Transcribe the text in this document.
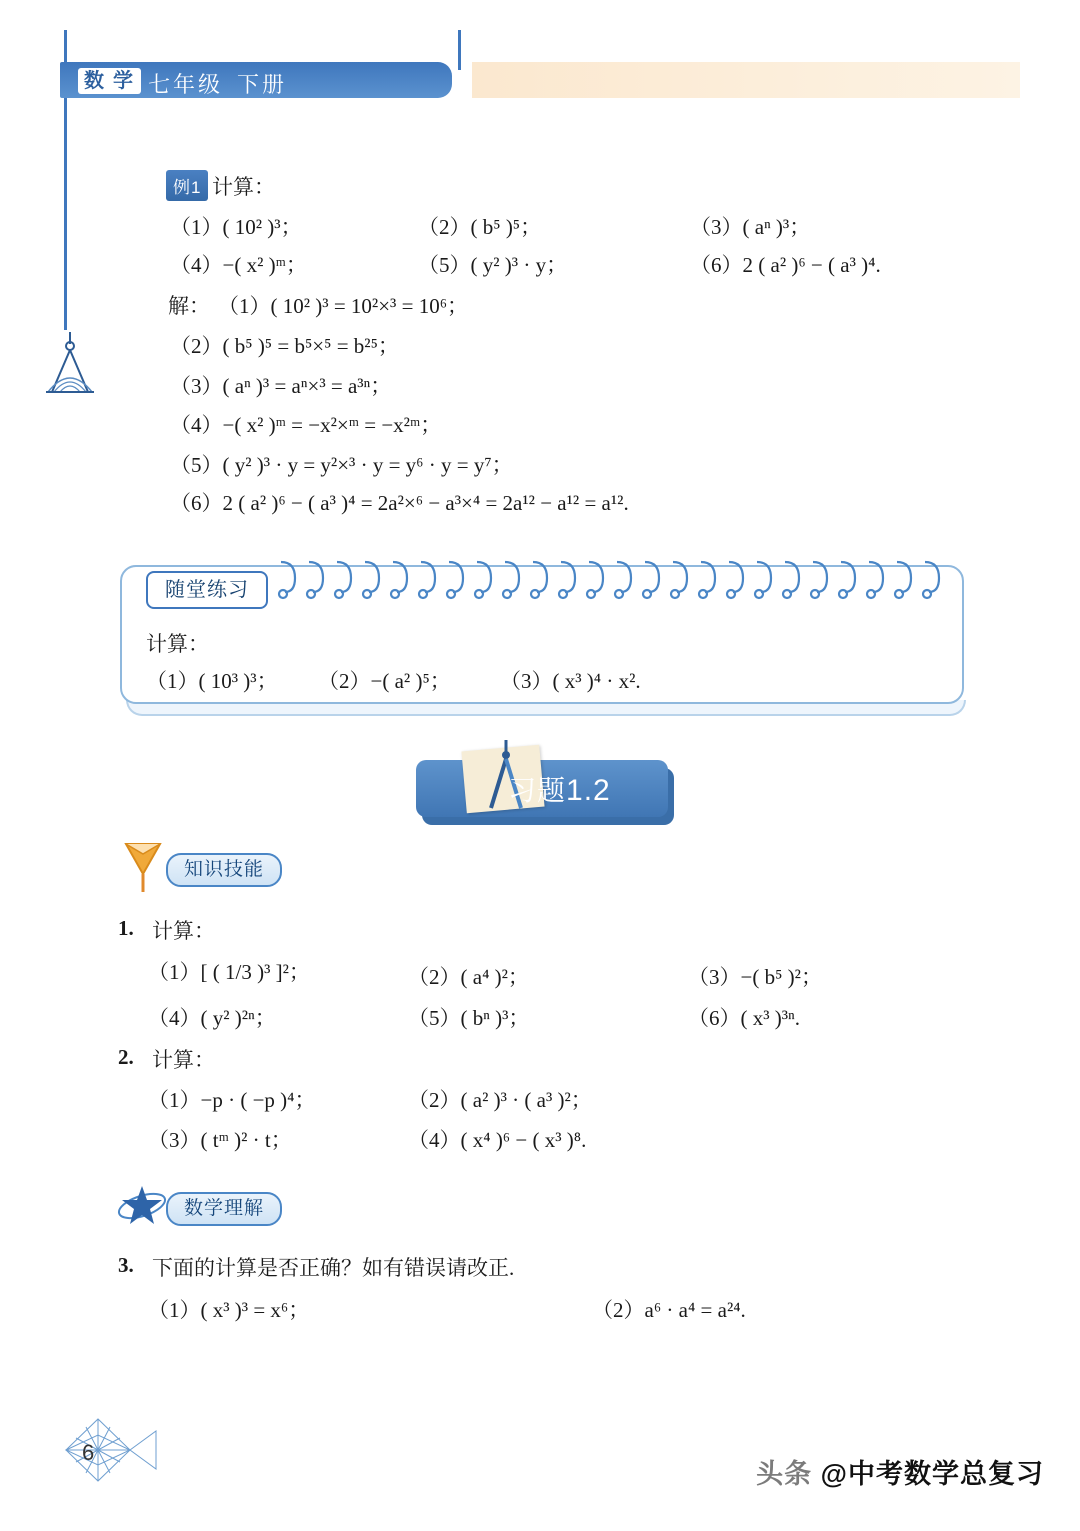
数 学 七年级 下册
例1 计算：
（1）( 10² )³；	（2）( b⁵ )⁵；	（3）( aⁿ )³；
（4）−( x² )ᵐ；	（5）( y² )³ · y；	（6）2 ( a² )⁶ − ( a³ )⁴.
解： （1）( 10² )³ = 10²×³ = 10⁶；
（2）( b⁵ )⁵ = b⁵×⁵ = b²⁵；
（3）( aⁿ )³ = aⁿ×³ = a³ⁿ；
（4）−( x² )ᵐ = −x²×ᵐ = −x²ᵐ；
（5）( y² )³ · y = y²×³ · y = y⁶ · y = y⁷；
（6）2 ( a² )⁶ − ( a³ )⁴ = 2a²×⁶ − a³×⁴ = 2a¹² − a¹² = a¹².
随堂练习
计算：
（1）( 10³ )³； （2）−( a² )⁵； （3）( x³ )⁴ · x².
习题1.2
知识技能
1. 计算：
（1）[ ( 1/3 )³ ]²；	（2）( a⁴ )²；	（3）−( b⁵ )²；
（4）( y² )²ⁿ；	（5）( bⁿ )³；	（6）( x³ )³ⁿ.
2. 计算：
（1）−p · ( −p )⁴；	（2）( a² )³ · ( a³ )²；
（3）( tᵐ )² · t；	（4）( x⁴ )⁶ − ( x³ )⁸.
数学理解
3. 下面的计算是否正确？如有错误请改正.
（1）( x³ )³ = x⁶；	（2）a⁶ · a⁴ = a²⁴.
6
头条 @中考数学总复习
